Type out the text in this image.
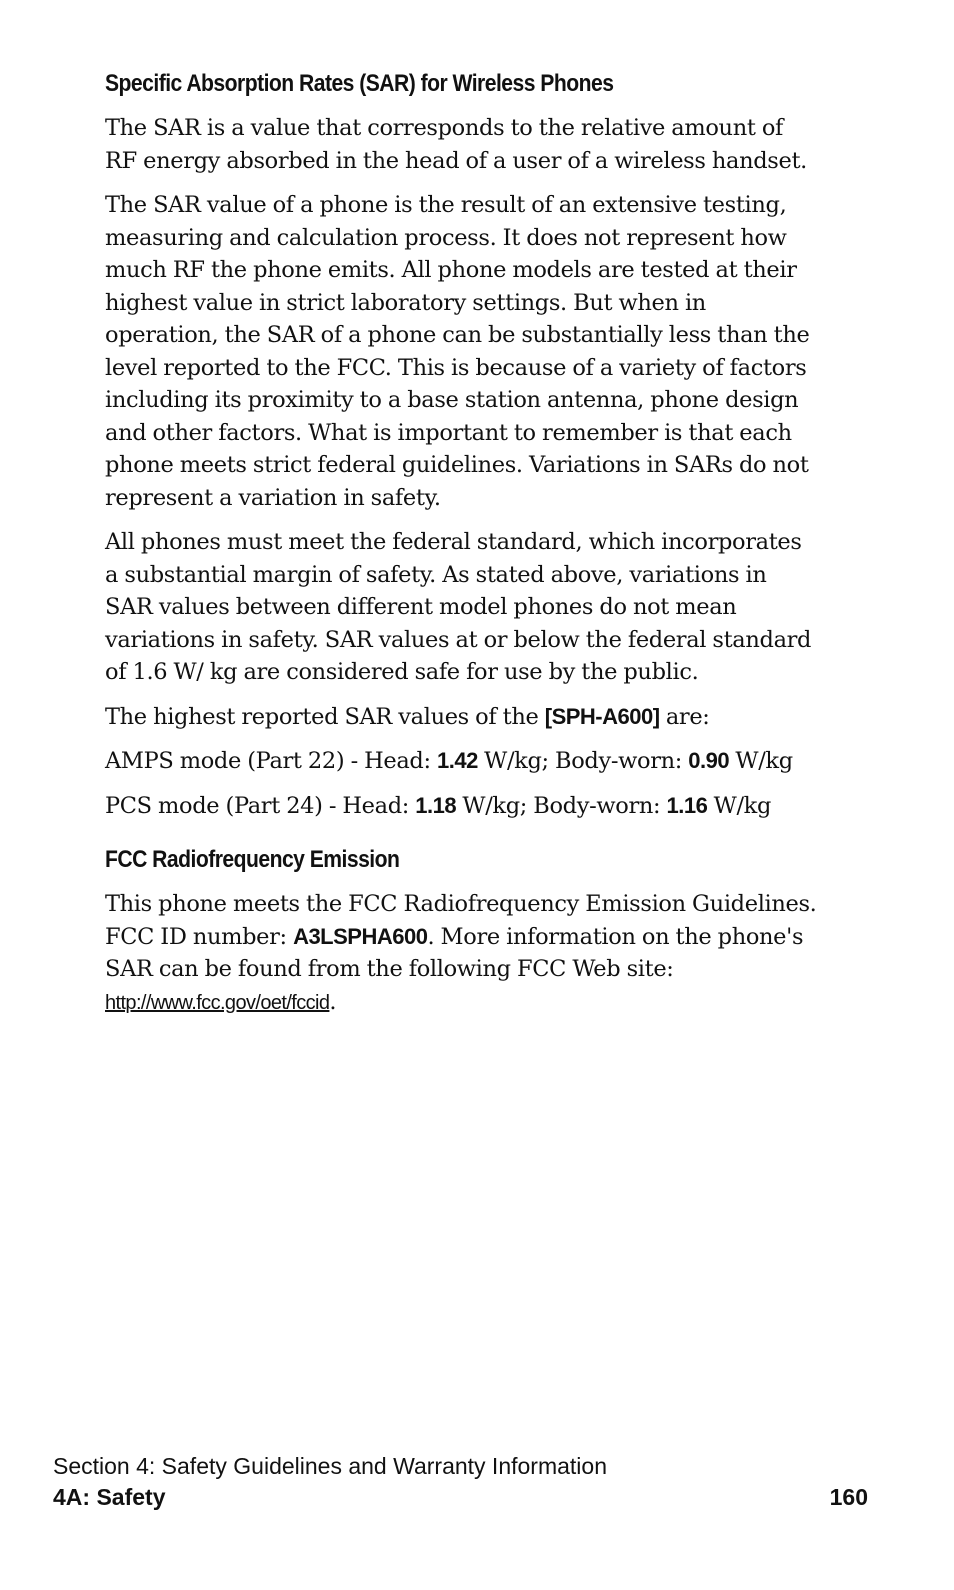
Specific Absorption Rates (SAR) for Wireless Phones

The SAR is a value that corresponds to the relative amount of RF energy absorbed in the head of a user of a wireless handset.

The SAR value of a phone is the result of an extensive testing, measuring and calculation process. It does not represent how much RF the phone emits. All phone models are tested at their highest value in strict laboratory settings. But when in operation, the SAR of a phone can be substantially less than the level reported to the FCC. This is because of a variety of factors including its proximity to a base station antenna, phone design and other factors. What is important to remember is that each phone meets strict federal guidelines. Variations in SARs do not represent a variation in safety.

All phones must meet the federal standard, which incorporates a substantial margin of safety. As stated above, variations in SAR values between different model phones do not mean variations in safety. SAR values at or below the federal standard of 1.6 W/ kg are considered safe for use by the public.

The highest reported SAR values of the [SPH-A600] are:

AMPS mode (Part 22) - Head: 1.42 W/kg; Body-worn: 0.90 W/kg

PCS mode (Part 24) - Head: 1.18 W/kg; Body-worn: 1.16 W/kg

FCC Radiofrequency Emission

This phone meets the FCC Radiofrequency Emission Guidelines. FCC ID number: A3LSPHA600. More information on the phone's SAR can be found from the following FCC Web site: http://www.fcc.gov/oet/fccid.

Section 4: Safety Guidelines and Warranty Information
4A: Safety	160
